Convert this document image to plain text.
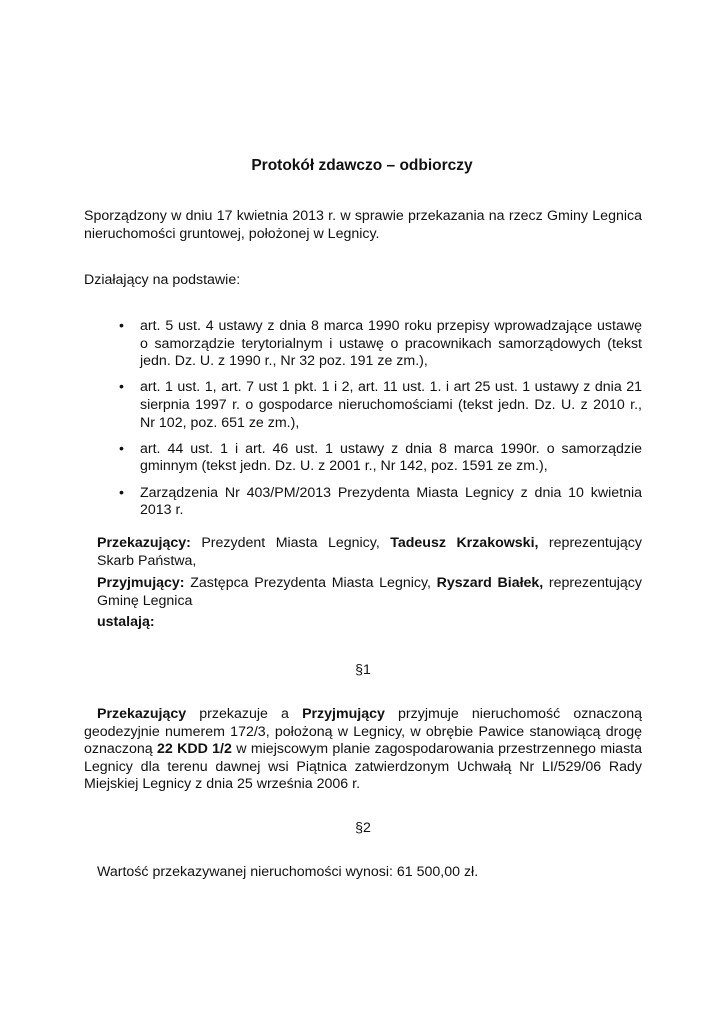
Protokół zdawczo – odbiorczy

Sporządzony w dniu 17 kwietnia 2013 r. w sprawie przekazania na rzecz Gminy Legnica nieruchomości gruntowej, położonej w Legnicy.

Działający na podstawie:

• art. 5 ust. 4 ustawy z dnia 8 marca 1990 roku przepisy wprowadzające ustawę o samorządzie terytorialnym i ustawę o pracownikach samorządowych (tekst jedn. Dz. U. z 1990 r., Nr 32 poz. 191 ze zm.),
• art. 1 ust. 1, art. 7 ust 1 pkt. 1 i 2, art. 11 ust. 1. i art 25 ust. 1 ustawy z dnia 21 sierpnia 1997 r. o gospodarce nieruchomościami (tekst jedn. Dz. U. z 2010 r., Nr 102, poz. 651 ze zm.),
• art. 44 ust. 1 i art. 46 ust. 1 ustawy z dnia 8 marca 1990r. o samorządzie gminnym (tekst jedn. Dz. U. z 2001 r., Nr 142, poz. 1591 ze zm.),
• Zarządzenia Nr 403/PM/2013 Prezydenta Miasta Legnicy z dnia 10 kwietnia 2013 r.

Przekazujący: Prezydent Miasta Legnicy, Tadeusz Krzakowski, reprezentujący Skarb Państwa,

Przyjmujący: Zastępca Prezydenta Miasta Legnicy, Ryszard Białek, reprezentujący Gminę Legnica

ustalają:

§1

Przekazujący przekazuje a Przyjmujący przyjmuje nieruchomość oznaczoną geodezyjnie numerem 172/3, położoną w Legnicy, w obrębie Pawice stanowiącą drogę oznaczoną 22 KDD 1/2 w miejscowym planie zagospodarowania przestrzennego miasta Legnicy dla terenu dawnej wsi Piątnica zatwierdzonym Uchwałą Nr LI/529/06 Rady Miejskiej Legnicy z dnia 25 września 2006 r.

§2

Wartość przekazywanej nieruchomości wynosi: 61 500,00 zł.
